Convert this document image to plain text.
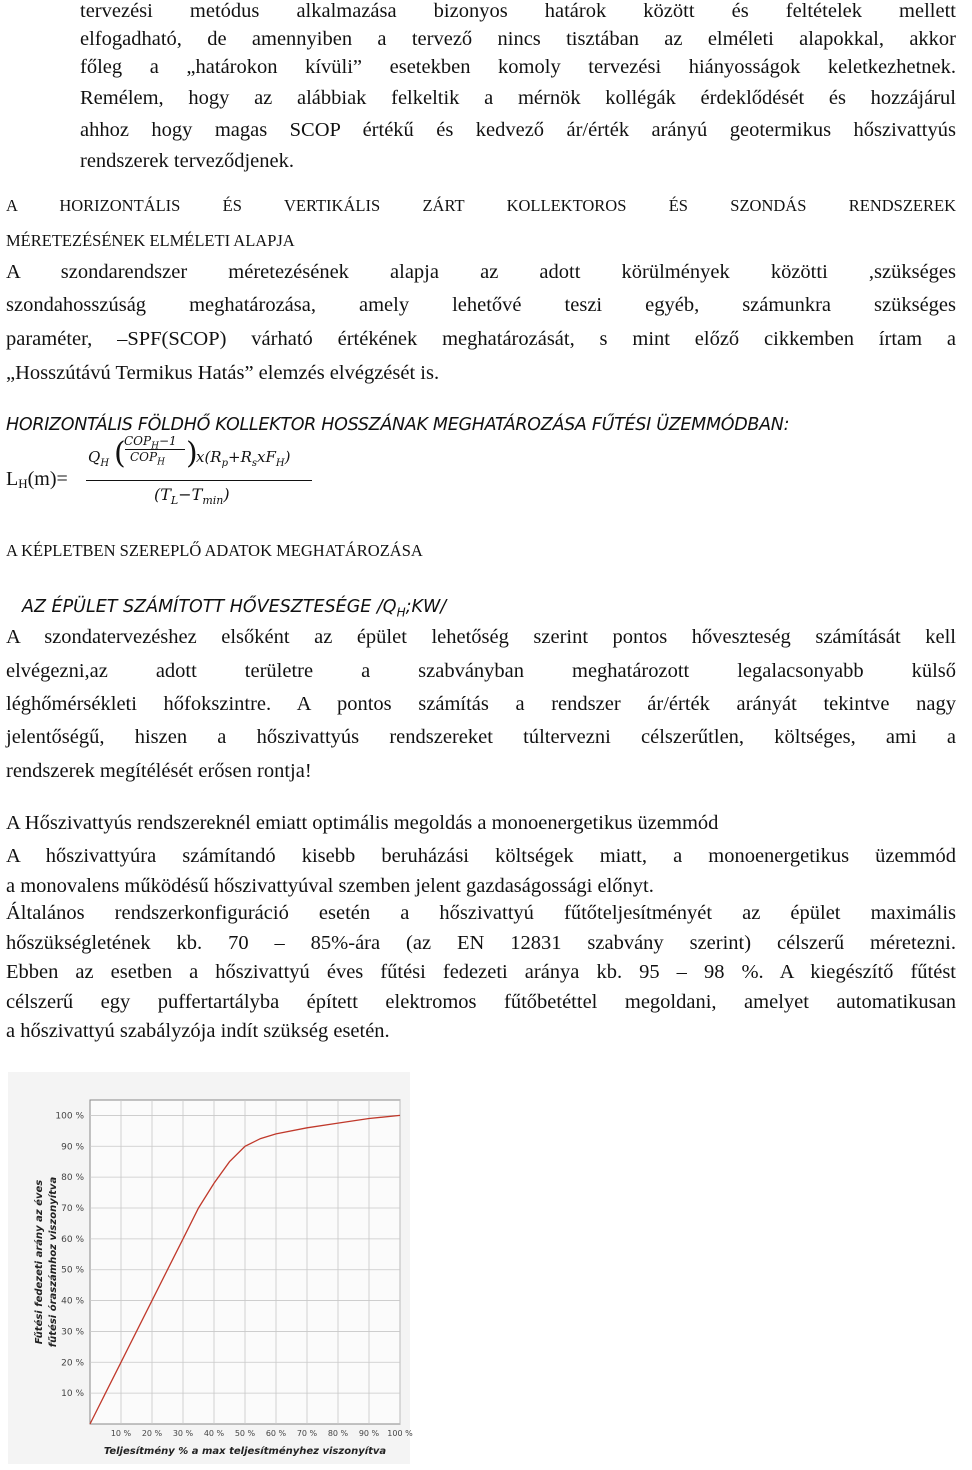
tervezési metódus alkalmazása bizonyos határok között és feltételek mellett
elfogadható, de amennyiben a tervező nincs tisztában az elméleti alapokkal, akkor
főleg a „határokon kívüli” esetekben komoly tervezési hiányosságok keletkezhetnek.
Remélem, hogy az alábbiak felkeltik a mérnök kollégák érdeklődését és hozzájárul
ahhoz hogy magas SCOP értékű és kedvező ár/érték arányú geotermikus hőszivattyús
rendszerek terveződjenek.
A HORIZONTÁLIS ÉS VERTIKÁLIS ZÁRT KOLLEKTOROS ÉS SZONDÁS RENDSZEREK
MÉRETEZÉSÉNEK ELMÉLETI ALAPJA
A szondarendszer méretezésének alapja az adott körülmények közötti ,szükséges
szondahosszúság meghatározása, amely lehetővé teszi egyéb, számunkra szükséges
paraméter, –SPF(SCOP) várható értékének meghatározását, s mint előző cikkemben írtam a
„Hosszútávú Termikus Hatás” elemzés elvégzését is.
HORIZONTÁLIS FÖLDHŐ KOLLEKTOR HOSSZÁNAK MEGHATÁROZÁSA FŰTÉSI ÜZEMMÓDBAN:
LH(m)=
$Q_H$ (
$COP_H-1$
$COP_H$ )
$x(R_p+R_sxF_H)$
$(T_L-T_{min})$
A KÉPLETBEN SZEREPLŐ ADATOK MEGHATÁROZÁSA
AZ ÉPÜLET SZÁMÍTOTT HŐVESZTESÉGE $/Q_H;KW/$
A szondatervezéshez elsőként az épület lehetőség szerint pontos hőveszteség számítását kell
elvégezni,az adott területre a szabványban meghatározott legalacsonyabb külső
léghőmérsékleti hőfokszintre. A pontos számítás a rendszer ár/érték arányát tekintve nagy
jelentőségű, hiszen a hőszivattyús rendszereket túltervezni célszerűtlen, költséges, ami a
rendszerek megítélését erősen rontja!
A Hőszivattyús rendszereknél emiatt optimális megoldás a monoenergetikus üzemmód
A hőszivattyúra számítandó kisebb beruházási költségek miatt, a monoenergetikus üzemmód
a monovalens működésű hőszivattyúval szemben jelent gazdaságossági előnyt.
Általános rendszerkonfiguráció esetén a hőszivattyú fűtőteljesítményét az épület maximális
hőszükségletének kb. 70 – 85%-ára (az EN 12831 szabvány szerint) célszerű méretezni.
Ebben az esetben a hőszivattyú éves fűtési fedezeti aránya kb. 95 – 98 %. A kiegészítő fűtést
célszerű egy puffertartályba épített elektromos fűtőbetéttel megoldani, amelyet automatikusan
a hőszivattyú szabályzója indít szükség esetén.
100 %
90 %
80 %
70 %
60 %
50 %
40 %
30 %
20 %
10 %
10 % 20 % 30 % 40 % 50 % 60 % 70 % 80 % 90 % 100 %
Teljesítmény % a max teljesítményhez viszonyítva
Fűtési fedezeti arány az éves fűtési óraszámhoz viszonyítva
